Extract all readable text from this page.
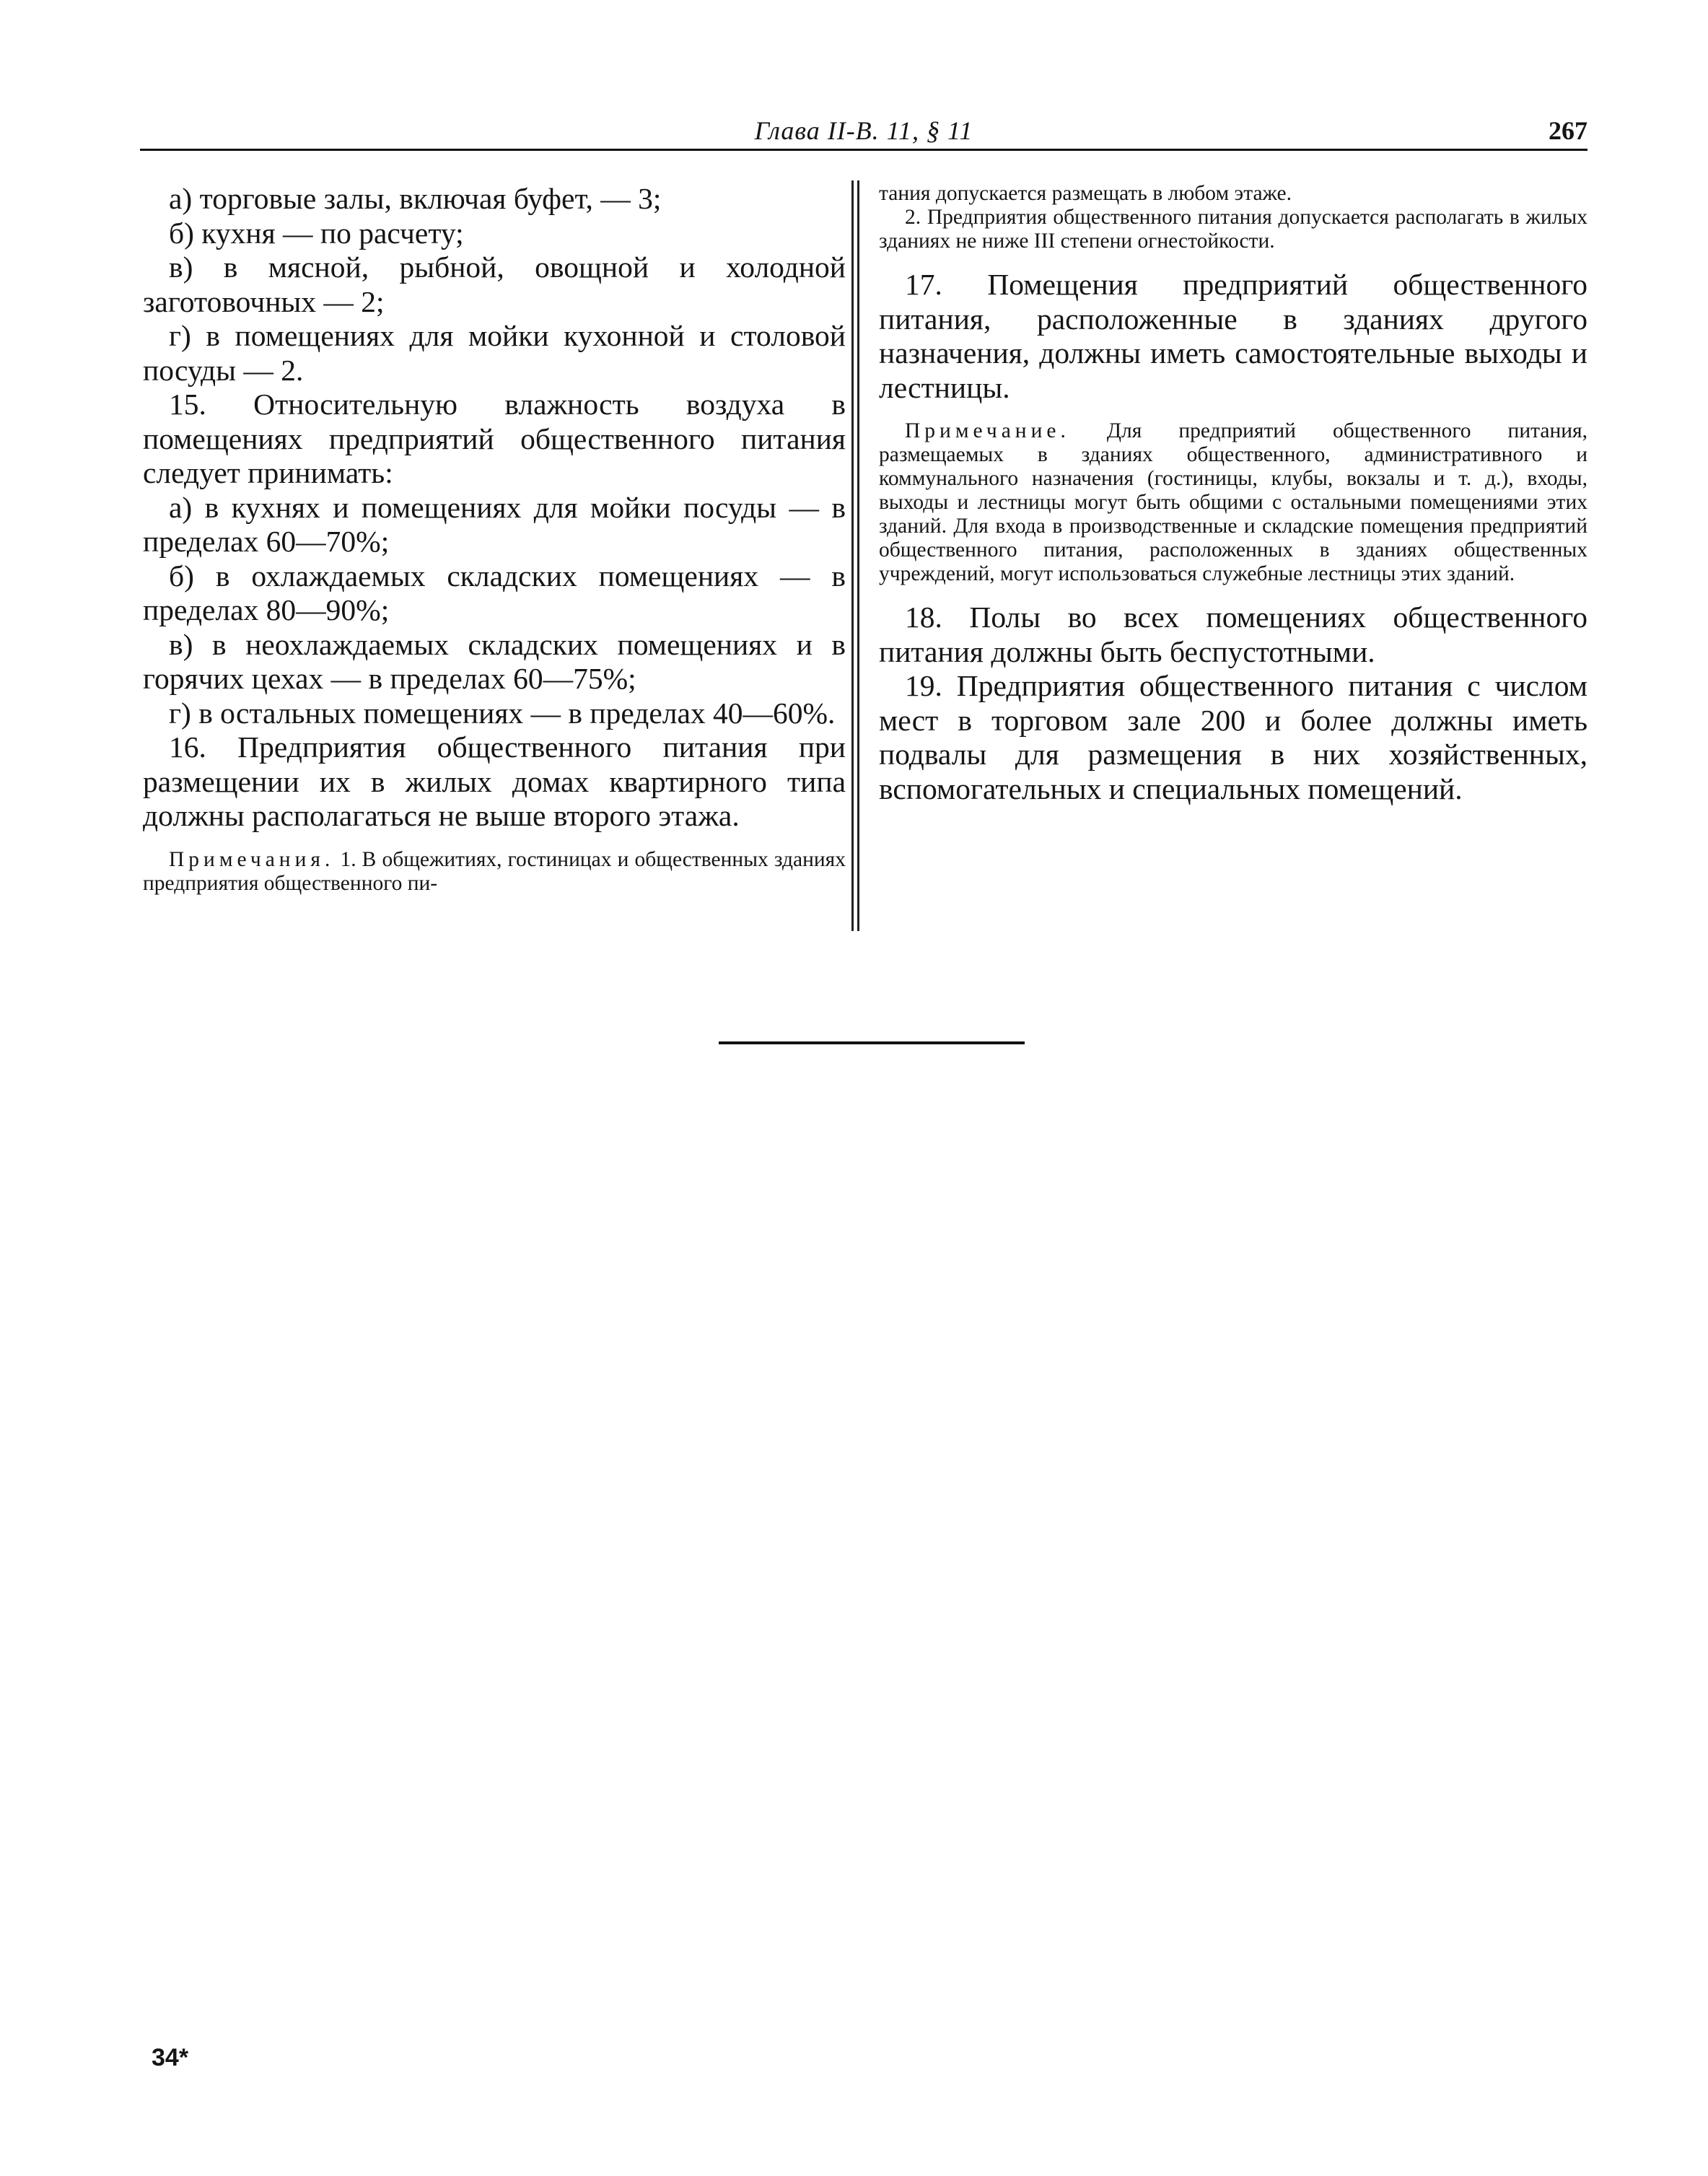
Глава II-В. 11, § 11	267

а) торговые залы, включая буфет, — 3;

б) кухня — по расчету;

в) в мясной, рыбной, овощной и холодной заготовочных — 2;

г) в помещениях для мойки кухонной и столовой посуды — 2.

15. Относительную влажность воздуха в помещениях предприятий общественного питания следует принимать:

а) в кухнях и помещениях для мойки посуды — в пределах 60—70%;

б) в охлаждаемых складских помещениях — в пределах 80—90%;

в) в неохлаждаемых складских помещениях и в горячих цехах — в пределах 60—75%;

г) в остальных помещениях — в пределах 40—60%.

16. Предприятия общественного питания при размещении их в жилых домах квартирного типа должны располагаться не выше второго этажа.

Примечания. 1. В общежитиях, гостиницах и общественных зданиях предприятия общественного пи-

тания допускается размещать в любом этаже.

2. Предприятия общественного питания допускается располагать в жилых зданиях не ниже III степени огнестойкости.

17. Помещения предприятий общественного питания, расположенные в зданиях другого назначения, должны иметь самостоятельные выходы и лестницы.

Примечание. Для предприятий общественного питания, размещаемых в зданиях общественного, административного и коммунального назначения (гостиницы, клубы, вокзалы и т. д.), входы, выходы и лестницы могут быть общими с остальными помещениями этих зданий. Для входа в производственные и складские помещения предприятий общественного питания, расположенных в зданиях общественных учреждений, могут использоваться служебные лестницы этих зданий.

18. Полы во всех помещениях общественного питания должны быть беспустотными.

19. Предприятия общественного питания с числом мест в торговом зале 200 и более должны иметь подвалы для размещения в них хозяйственных, вспомогательных и специальных помещений.

34*
